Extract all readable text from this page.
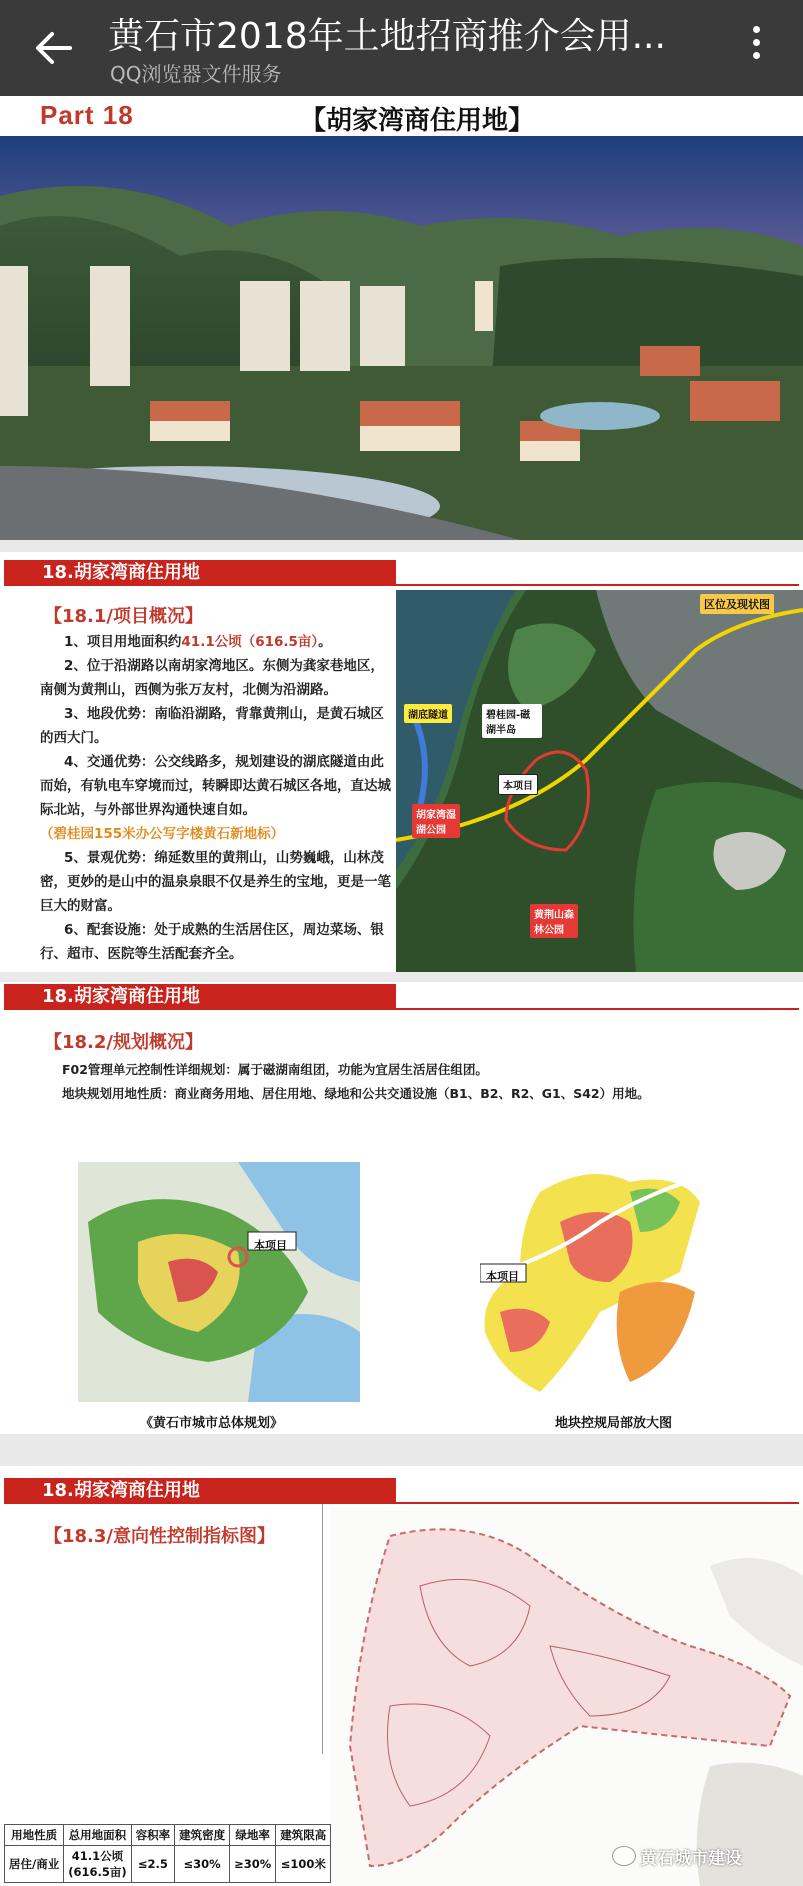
黄石市2018年土地招商推介会用...
QQ浏览器文件服务
Part 18	【胡家湾商住用地】
18.胡家湾商住用地
【18.1/项目概况】

1、项目用地面积约41.1公顷（616.5亩）。

2、位于沿湖路以南胡家湾地区。东侧为龚家巷地区，南侧为黄荆山，西侧为张万友村，北侧为沿湖路。

3、地段优势：南临沿湖路，背靠黄荆山，是黄石城区的西大门。

4、交通优势：公交线路多，规划建设的湖底隧道由此而始，有轨电车穿境而过，转瞬即达黄石城区各地，直达城际北站，与外部世界沟通快速自如。

（碧桂园155米办公写字楼黄石新地标）

5、景观优势：绵延数里的黄荆山，山势巍峨，山林茂密，更妙的是山中的温泉泉眼不仅是养生的宝地，更是一笔巨大的财富。

6、配套设施：处于成熟的生活居住区，周边菜场、银行、超市、医院等生活配套齐全。

区位及现状图
湖底隧道	碧桂园-磁湖半岛
本项目
胡家湾湿湖公园
黄荆山森林公园
18.胡家湾商住用地
【18.2/规划概况】
F02管理单元控制性详细规划：属于磁湖南组团，功能为宜居生活居住组团。
地块规划用地性质：商业商务用地、居住用地、绿地和公共交通设施（B1、B2、R2、G1、S42）用地。
本项目
本项目
《黄石市城市总体规划》	地块控规局部放大图
18.胡家湾商住用地
【18.3/意向性控制指标图】
用地性质	总用地面积	容积率	建筑密度	绿地率	建筑限高
居住/商业	41.1公顷
(616.5亩)	≤2.5	≤30%	≥30%	≤100米	黄石城市建设
